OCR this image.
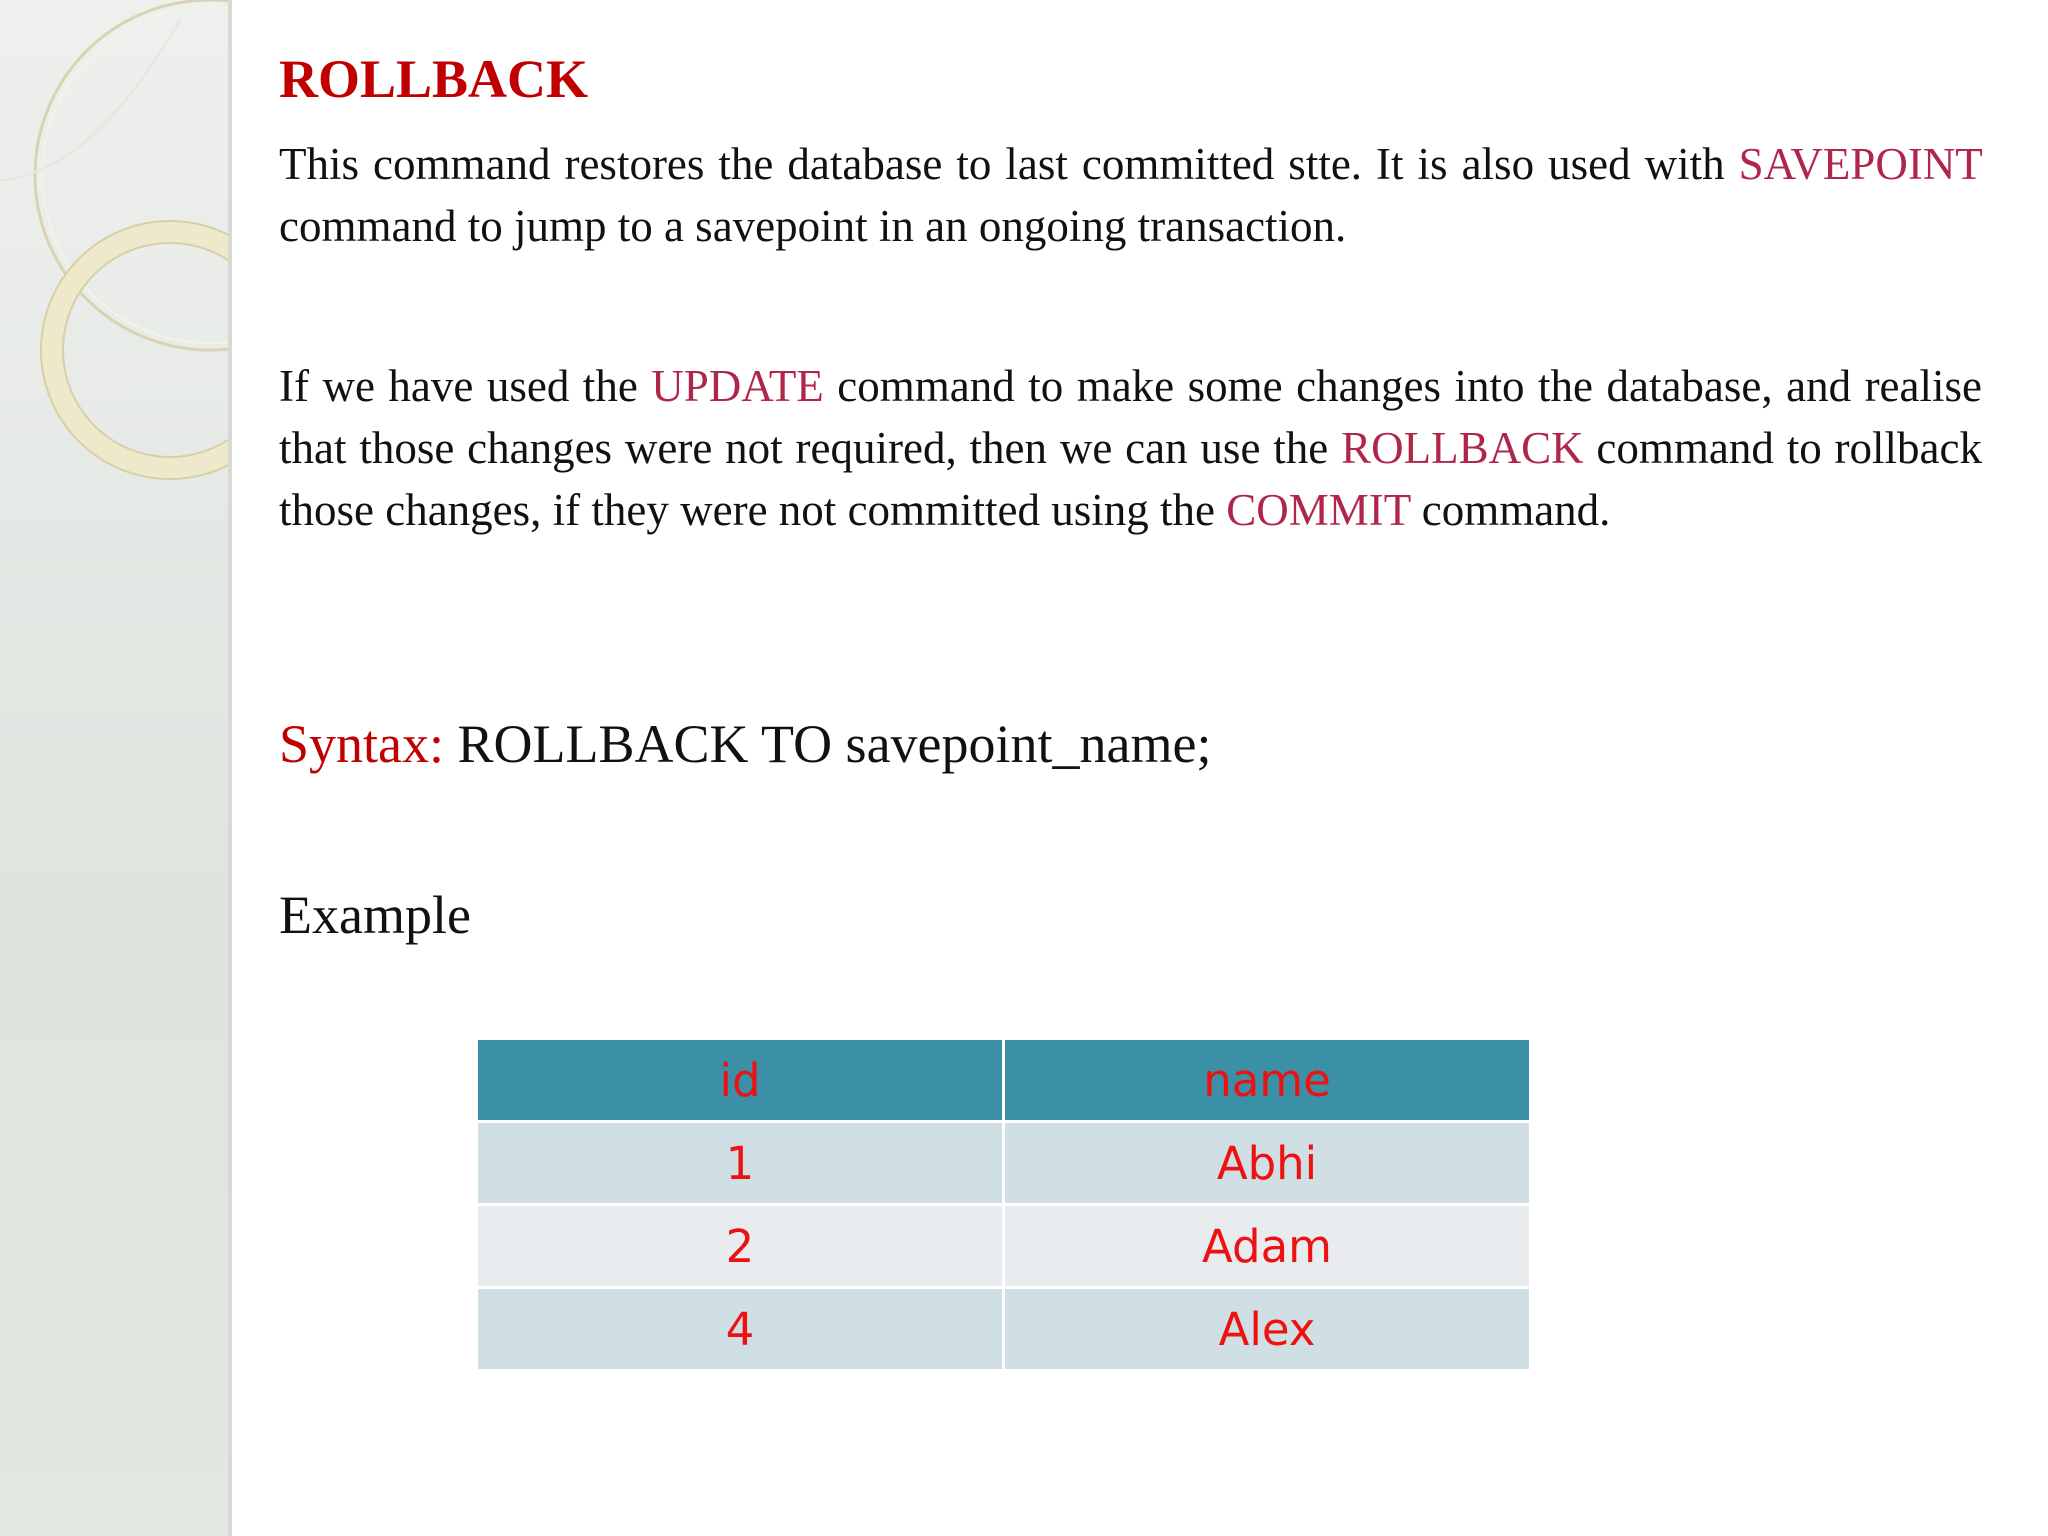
ROLLBACK

This command restores the database to last committed stte. It is also used with SAVEPOINT command to jump to a savepoint in an ongoing transaction.

If we have used the UPDATE command to make some changes into the database, and realise that those changes were not required, then we can use the ROLLBACK command to rollback those changes, if they were not committed using the COMMIT command.

Syntax: ROLLBACK TO savepoint_name;

Example

id	name
1	Abhi
2	Adam
4	Alex
